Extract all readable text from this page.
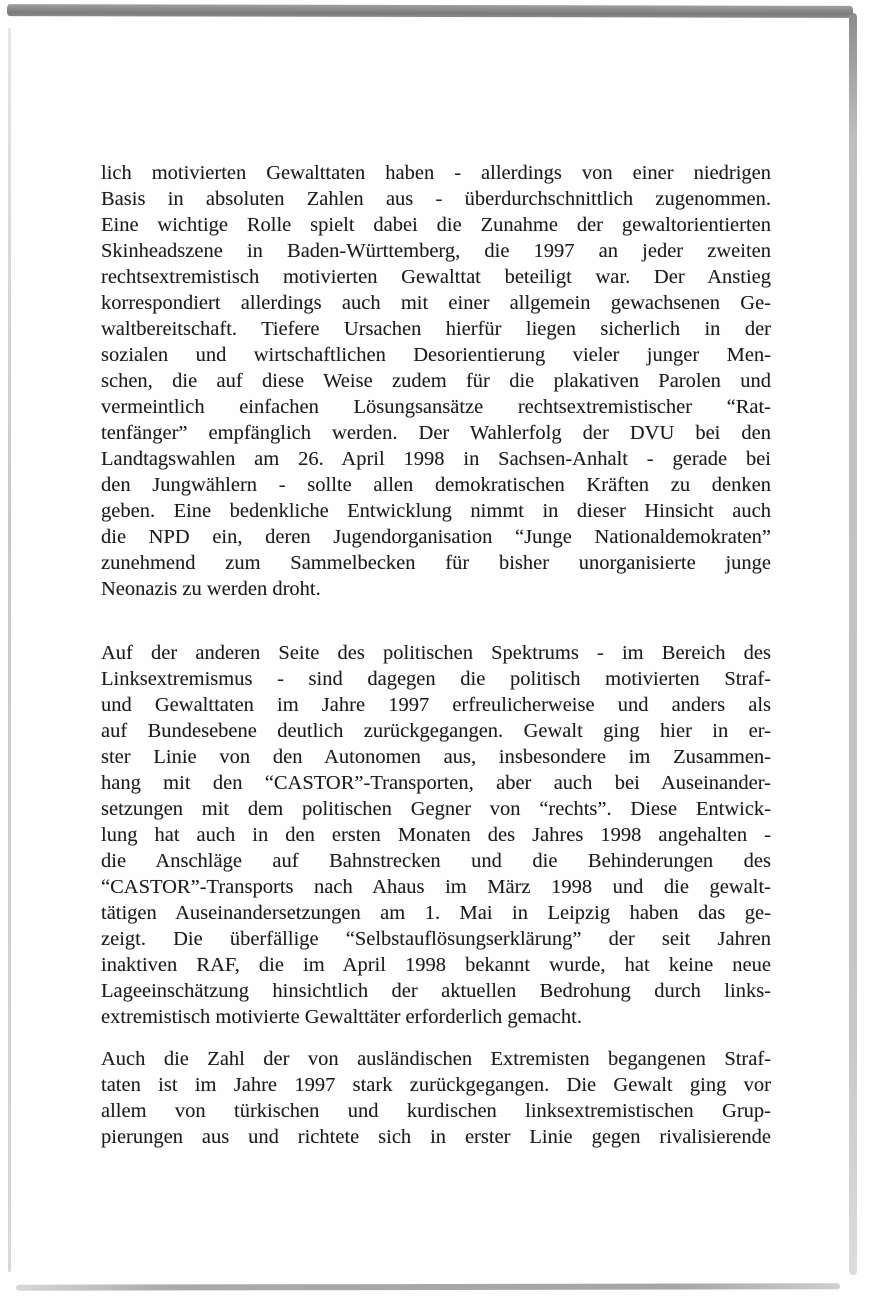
lich motivierten Gewalttaten haben - allerdings von einer niedrigen
Basis in absoluten Zahlen aus - überdurchschnittlich zugenommen.
Eine wichtige Rolle spielt dabei die Zunahme der gewaltorientierten
Skinheadszene in Baden-Württemberg, die 1997 an jeder zweiten
rechtsextremistisch motivierten Gewalttat beteiligt war. Der Anstieg
korrespondiert allerdings auch mit einer allgemein gewachsenen Ge-
waltbereitschaft. Tiefere Ursachen hierfür liegen sicherlich in der
sozialen und wirtschaftlichen Desorientierung vieler junger Men-
schen, die auf diese Weise zudem für die plakativen Parolen und
vermeintlich einfachen Lösungsansätze rechtsextremistischer “Rat-
tenfänger” empfänglich werden. Der Wahlerfolg der DVU bei den
Landtagswahlen am 26. April 1998 in Sachsen-Anhalt - gerade bei
den Jungwählern - sollte allen demokratischen Kräften zu denken
geben. Eine bedenkliche Entwicklung nimmt in dieser Hinsicht auch
die NPD ein, deren Jugendorganisation “Junge Nationaldemokraten”
zunehmend zum Sammelbecken für bisher unorganisierte junge
Neonazis zu werden droht.
Auf der anderen Seite des politischen Spektrums - im Bereich des
Linksextremismus - sind dagegen die politisch motivierten Straf-
und Gewalttaten im Jahre 1997 erfreulicherweise und anders als
auf Bundesebene deutlich zurückgegangen. Gewalt ging hier in er-
ster Linie von den Autonomen aus, insbesondere im Zusammen-
hang mit den “CASTOR”-Transporten, aber auch bei Auseinander-
setzungen mit dem politischen Gegner von “rechts”. Diese Entwick-
lung hat auch in den ersten Monaten des Jahres 1998 angehalten -
die Anschläge auf Bahnstrecken und die Behinderungen des
“CASTOR”-Transports nach Ahaus im März 1998 und die gewalt-
tätigen Auseinandersetzungen am 1. Mai in Leipzig haben das ge-
zeigt. Die überfällige “Selbstauflösungserklärung” der seit Jahren
inaktiven RAF, die im April 1998 bekannt wurde, hat keine neue
Lageeinschätzung hinsichtlich der aktuellen Bedrohung durch links-
extremistisch motivierte Gewalttäter erforderlich gemacht.
Auch die Zahl der von ausländischen Extremisten begangenen Straf-
taten ist im Jahre 1997 stark zurückgegangen. Die Gewalt ging vor
allem von türkischen und kurdischen linksextremistischen Grup-
pierungen aus und richtete sich in erster Linie gegen rivalisierende
